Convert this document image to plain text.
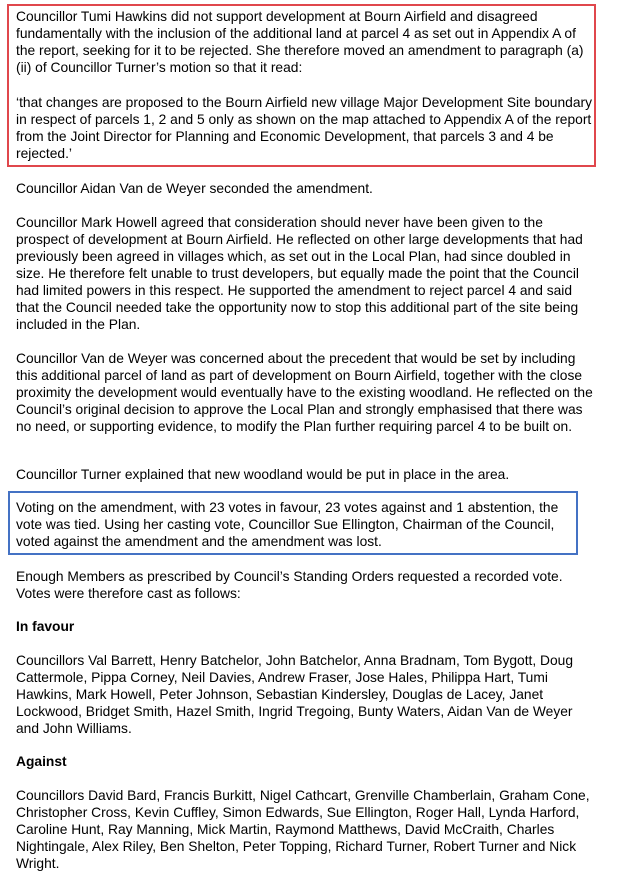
Councillor Tumi Hawkins did not support development at Bourn Airfield and disagreed fundamentally with the inclusion of the additional land at parcel 4 as set out in Appendix A of the report, seeking for it to be rejected. She therefore moved an amendment to paragraph (a)(ii) of Councillor Turner’s motion so that it read:

‘that changes are proposed to the Bourn Airfield new village Major Development Site boundary in respect of parcels 1, 2 and 5 only as shown on the map attached to Appendix A of the report from the Joint Director for Planning and Economic Development, that parcels 3 and 4 be rejected.’

Councillor Aidan Van de Weyer seconded the amendment.

Councillor Mark Howell agreed that consideration should never have been given to the prospect of development at Bourn Airfield. He reflected on other large developments that had previously been agreed in villages which, as set out in the Local Plan, had since doubled in size. He therefore felt unable to trust developers, but equally made the point that the Council had limited powers in this respect. He supported the amendment to reject parcel 4 and said that the Council needed take the opportunity now to stop this additional part of the site being included in the Plan.

Councillor Van de Weyer was concerned about the precedent that would be set by including this additional parcel of land as part of development on Bourn Airfield, together with the close proximity the development would eventually have to the existing woodland. He reflected on the Council’s original decision to approve the Local Plan and strongly emphasised that there was no need, or supporting evidence, to modify the Plan further requiring parcel 4 to be built on.

Councillor Turner explained that new woodland would be put in place in the area.

Voting on the amendment, with 23 votes in favour, 23 votes against and 1 abstention, the vote was tied. Using her casting vote, Councillor Sue Ellington, Chairman of the Council, voted against the amendment and the amendment was lost.

Enough Members as prescribed by Council’s Standing Orders requested a recorded vote. Votes were therefore cast as follows:

In favour

Councillors Val Barrett, Henry Batchelor, John Batchelor, Anna Bradnam, Tom Bygott, Doug Cattermole, Pippa Corney, Neil Davies, Andrew Fraser, Jose Hales, Philippa Hart, Tumi Hawkins, Mark Howell, Peter Johnson, Sebastian Kindersley, Douglas de Lacey, Janet Lockwood, Bridget Smith, Hazel Smith, Ingrid Tregoing, Bunty Waters, Aidan Van de Weyer and John Williams.

Against

Councillors David Bard, Francis Burkitt, Nigel Cathcart, Grenville Chamberlain, Graham Cone, Christopher Cross, Kevin Cuffley, Simon Edwards, Sue Ellington, Roger Hall, Lynda Harford, Caroline Hunt, Ray Manning, Mick Martin, Raymond Matthews, David McCraith, Charles Nightingale, Alex Riley, Ben Shelton, Peter Topping, Richard Turner, Robert Turner and Nick Wright.
